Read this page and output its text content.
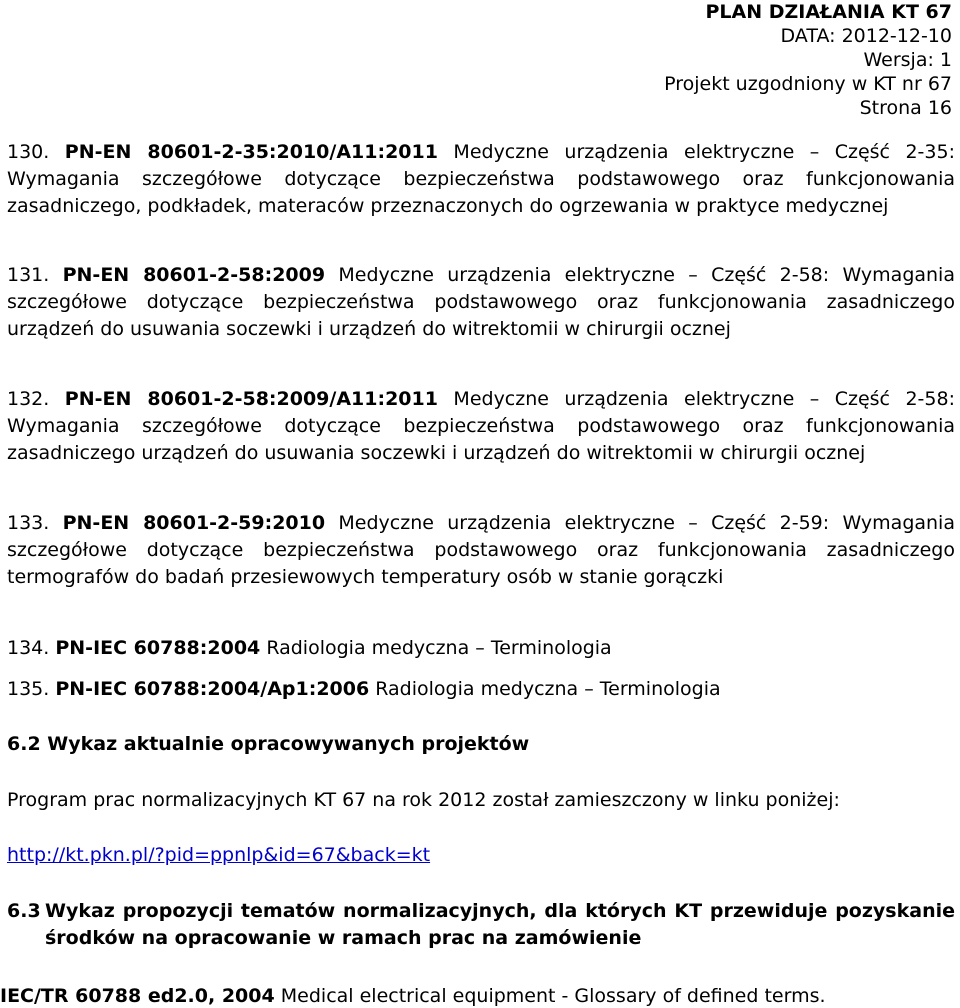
PLAN DZIAŁANIA KT 67
DATA: 2012-12-10
Wersja: 1
Projekt uzgodniony w KT nr 67
Strona 16
130. PN-EN 80601-2-35:2010/A11:2011 Medyczne urządzenia elektryczne – Część 2-35: Wymagania szczegółowe dotyczące bezpieczeństwa podstawowego oraz funkcjonowania zasadniczego, podkładek, materaców przeznaczonych do ogrzewania w praktyce medycznej
131. PN-EN 80601-2-58:2009 Medyczne urządzenia elektryczne – Część 2-58: Wymagania szczegółowe dotyczące bezpieczeństwa podstawowego oraz funkcjonowania zasadniczego urządzeń do usuwania soczewki i urządzeń do witrektomii w chirurgii ocznej
132. PN-EN 80601-2-58:2009/A11:2011 Medyczne urządzenia elektryczne – Część 2-58: Wymagania szczegółowe dotyczące bezpieczeństwa podstawowego oraz funkcjonowania zasadniczego urządzeń do usuwania soczewki i urządzeń do witrektomii w chirurgii ocznej
133. PN-EN 80601-2-59:2010 Medyczne urządzenia elektryczne – Część 2-59: Wymagania szczegółowe dotyczące bezpieczeństwa podstawowego oraz funkcjonowania zasadniczego termografów do badań przesiewowych temperatury osób w stanie gorączki
134. PN-IEC 60788:2004 Radiologia medyczna – Terminologia
135. PN-IEC 60788:2004/Ap1:2006 Radiologia medyczna – Terminologia
6.2 Wykaz aktualnie opracowywanych projektów
Program prac normalizacyjnych KT 67 na rok 2012 został zamieszczony w linku poniżej:
http://kt.pkn.pl/?pid=ppnlp&id=67&back=kt
6.3 Wykaz propozycji tematów normalizacyjnych, dla których KT przewiduje pozyskanie środków na opracowanie w ramach prac na zamówienie
IEC/TR 60788 ed2.0, 2004 Medical electrical equipment - Glossary of defined terms.
